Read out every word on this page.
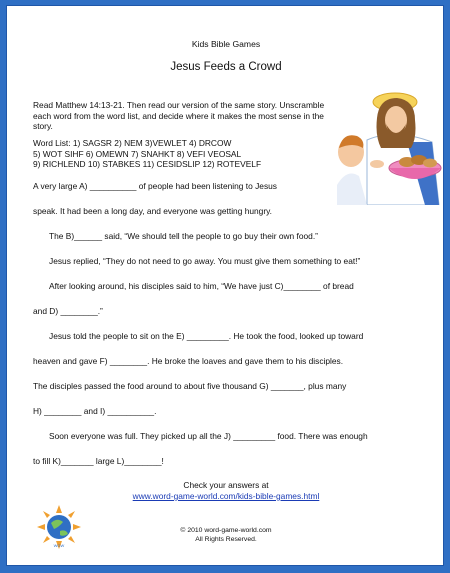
Kids Bible Games
Jesus Feeds a Crowd
Read Matthew 14:13-21. Then read our version of the same story. Unscramble each word from the word list, and decide where it makes the most sense in the story.
Word List: 1) SAGSR 2) NEM 3)VEWLET 4) DRCOW
5) WOT SIHF 6) OMEWN 7) SNAHKT 8) VEFI VEOSAL
9) RICHLEND 10) STABKES 11) CESIDSLIP 12) ROTEVELF
A very large A) __________ of people had been listening to Jesus
speak. It had been a long day, and everyone was getting hungry.
The B)______ said, “We should tell the people to go buy their own food.”
Jesus replied, “They do not need to go away. You must give them something to eat!”
After looking around, his disciples said to him, “We have just C)________ of bread
and D) ________.”
Jesus told the people to sit on the E) _________. He took the food, looked up toward
heaven and gave F) ________. He broke the loaves and gave them to his disciples.
The disciples passed the food around to about five thousand G) _______, plus many
H) ________ and I) __________.
Soon everyone was full. They picked up all the J) _________ food. There was enough
to fill K)_______ large L)________!
Check your answers at
www.word-game-world.com/kids-bible-games.html
WGW
© 2010 word-game-world.com
All Rights Reserved.
